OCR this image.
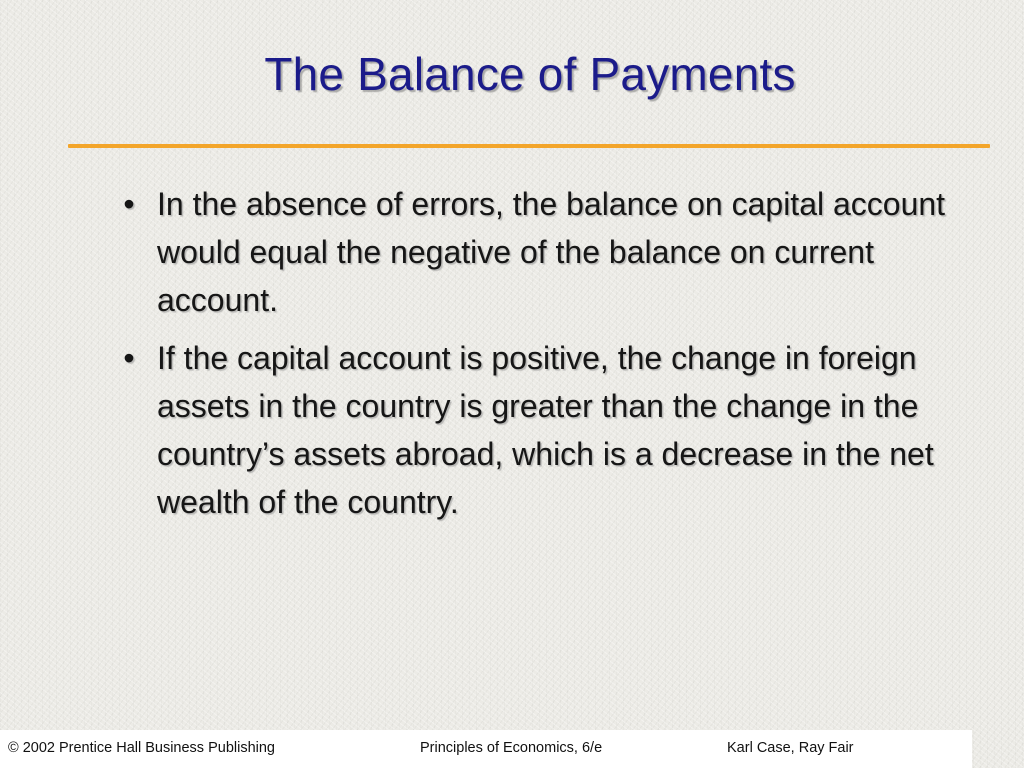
The Balance of Payments
• In the absence of errors, the balance on capital account would equal the negative of the balance on current account.
• If the capital account is positive, the change in foreign assets in the country is greater than the change in the country’s assets abroad, which is a decrease in the net wealth of the country.
© 2002 Prentice Hall Business Publishing	Principles of Economics, 6/e	Karl Case, Ray Fair
